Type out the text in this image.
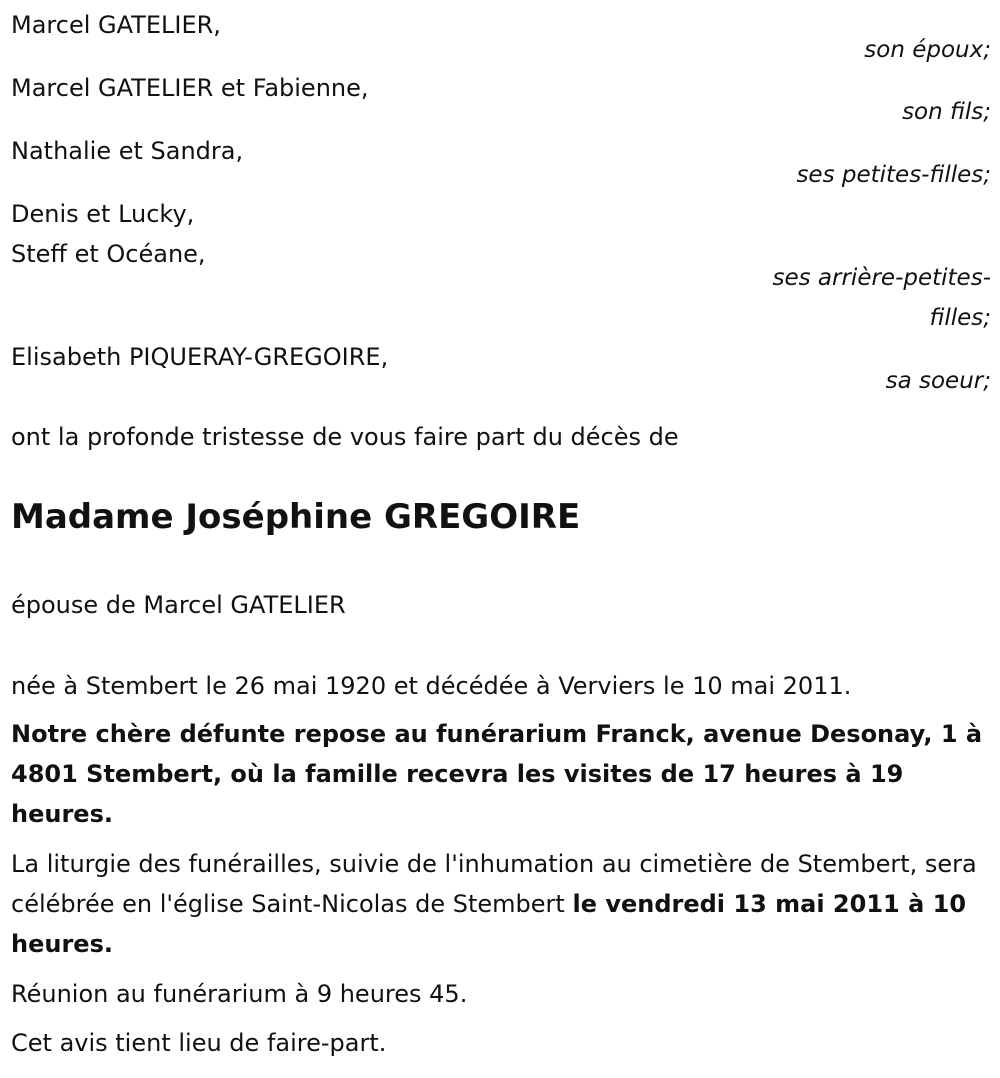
Marcel GATELIER,
son époux;
Marcel GATELIER et Fabienne,
son fils;
Nathalie et Sandra,
ses petites-filles;
Denis et Lucky,
Steff et Océane,
ses arrière-petites-
filles;
Elisabeth PIQUERAY-GREGOIRE,
sa soeur;
ont la profonde tristesse de vous faire part du décès de
Madame Joséphine GREGOIRE
épouse de Marcel GATELIER
née à Stembert le 26 mai 1920 et décédée à Verviers le 10 mai 2011.
Notre chère défunte repose au funérarium Franck, avenue Desonay, 1 à 4801 Stembert, où la famille recevra les visites de 17 heures à 19 heures.
La liturgie des funérailles, suivie de l'inhumation au cimetière de Stembert, sera célébrée en l'église Saint-Nicolas de Stembert le vendredi 13 mai 2011 à 10 heures.
Réunion au funérarium à 9 heures 45.
Cet avis tient lieu de faire-part.
